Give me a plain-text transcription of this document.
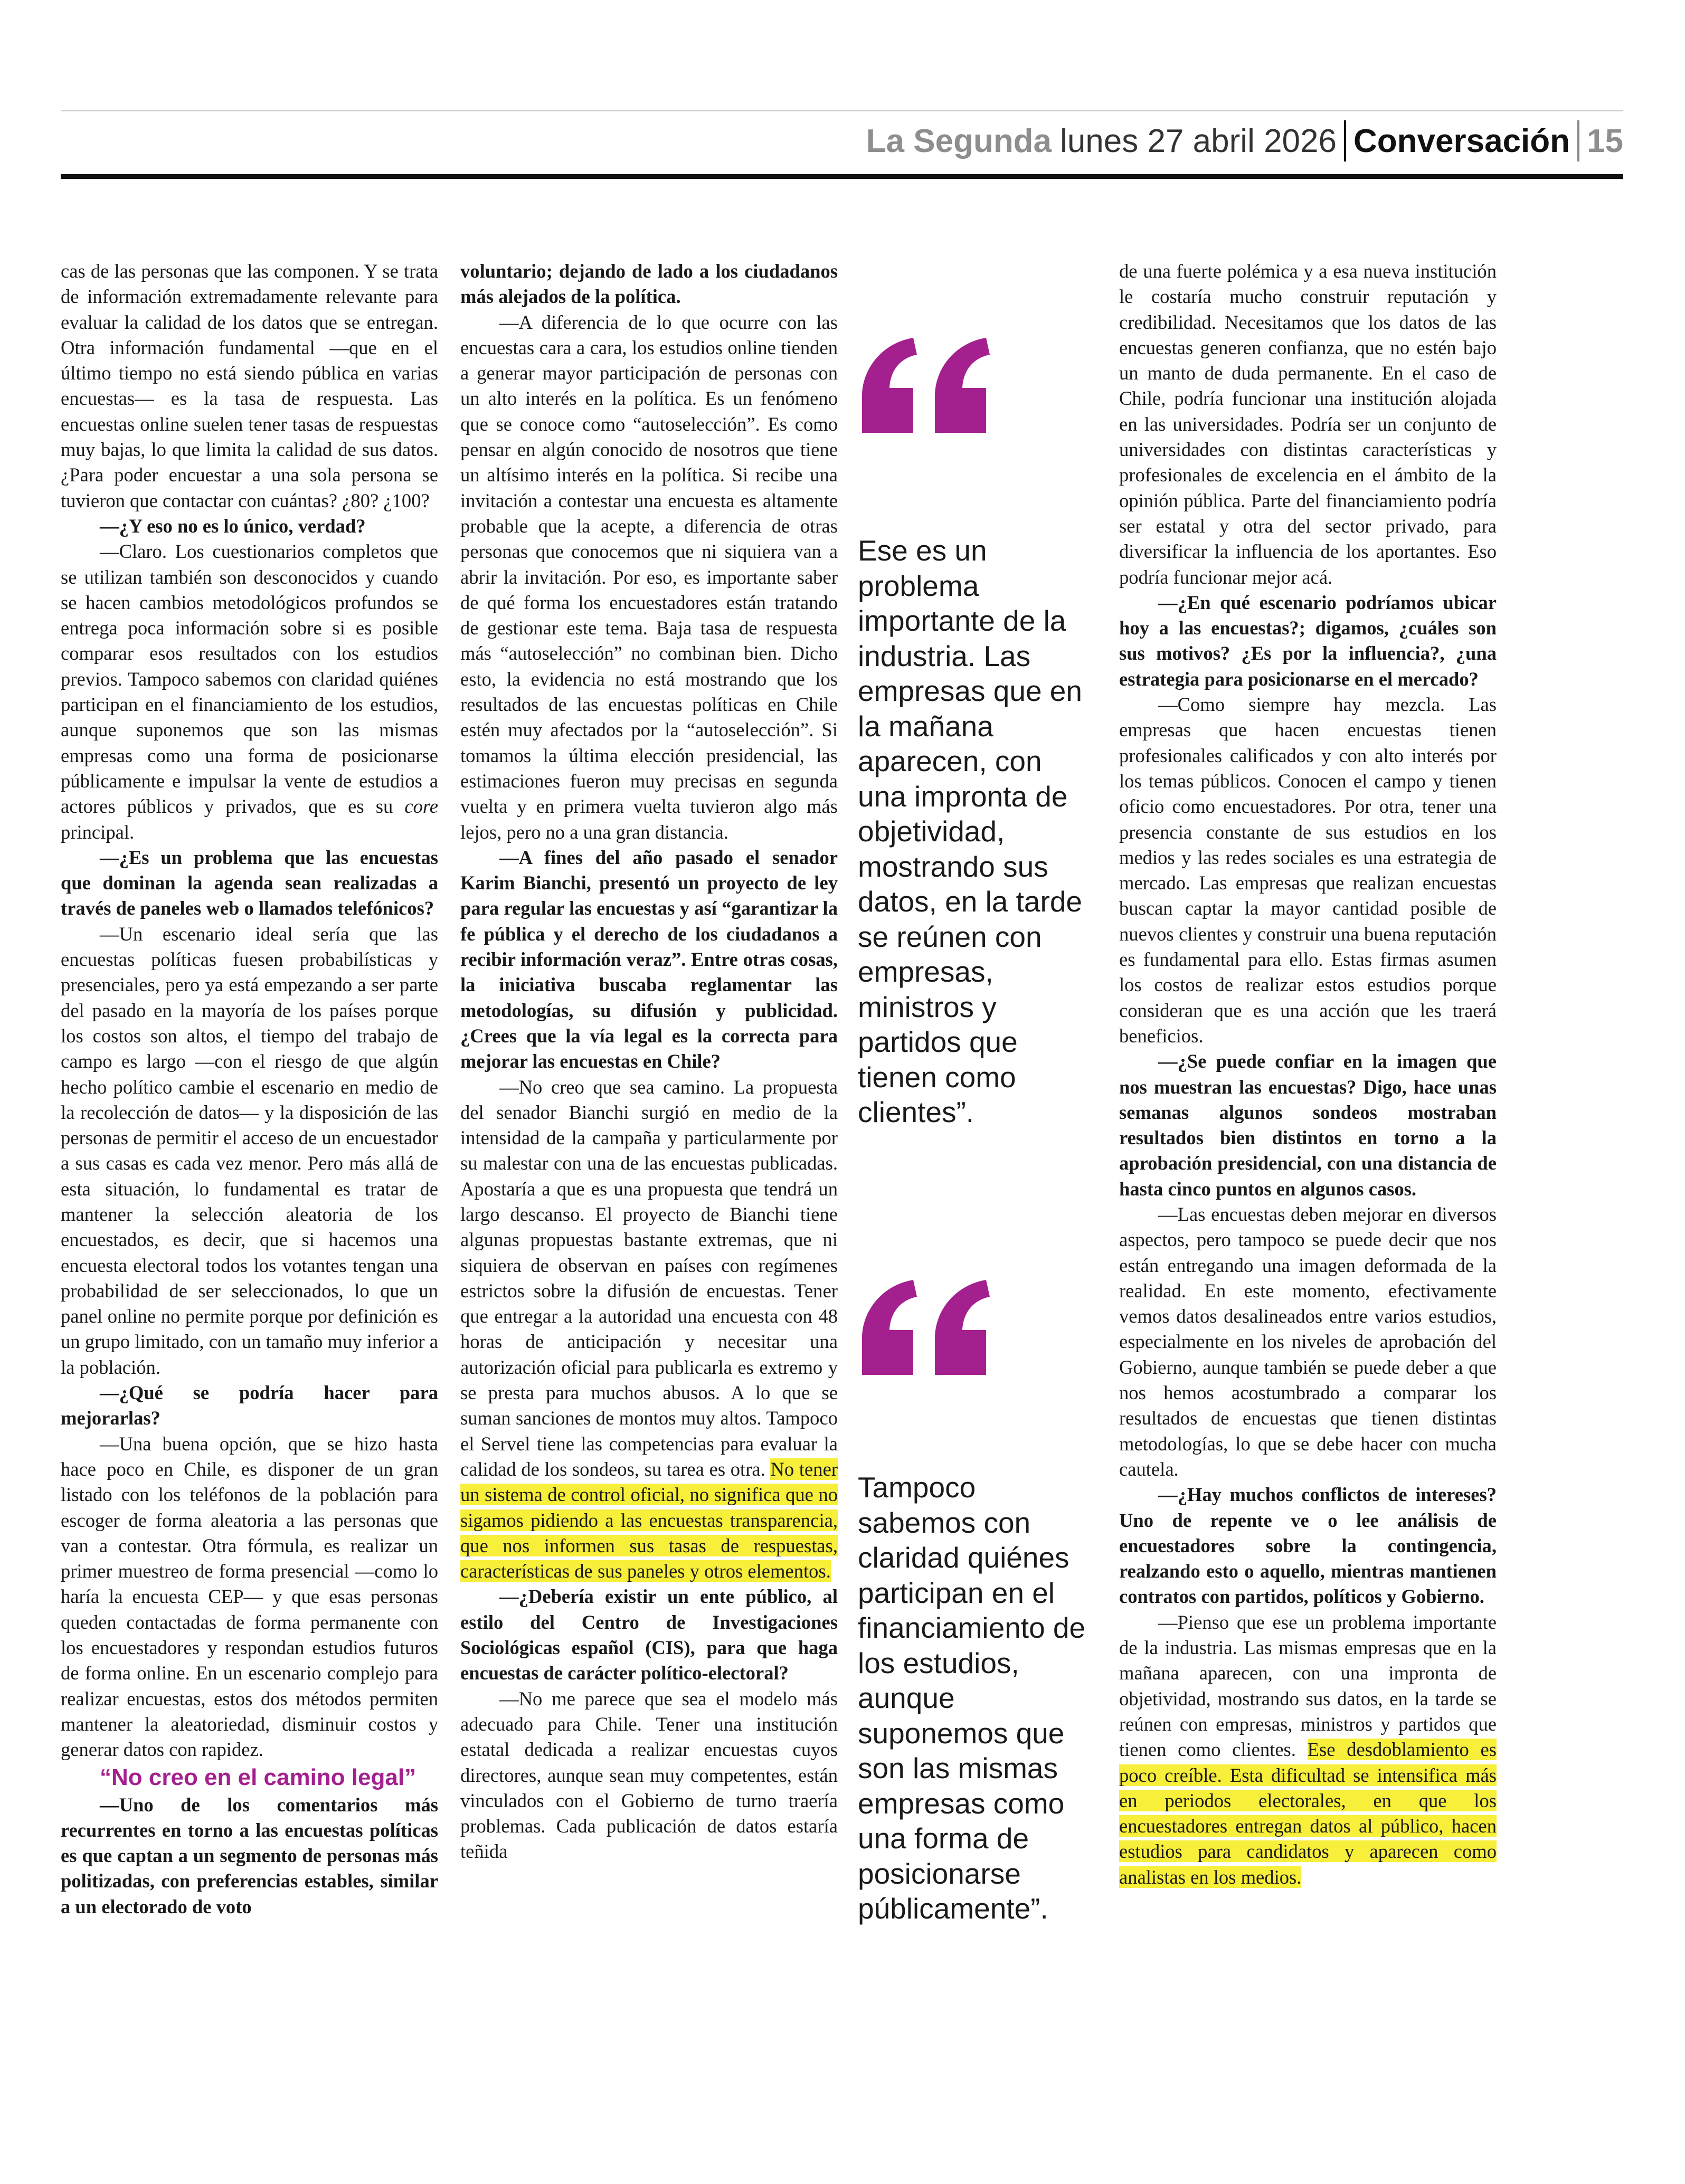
La Segunda lunes 27 abril 2026 Conversación 15

cas de las personas que las componen. Y se trata de información extremadamente relevante para evaluar la calidad de los datos que se entregan. Otra información fundamental —que en el último tiempo no está siendo pública en varias encuestas— es la tasa de respuesta. Las encuestas online suelen tener tasas de respuestas muy bajas, lo que limita la calidad de sus datos. ¿Para poder encuestar a una sola persona se tuvieron que contactar con cuántas? ¿80? ¿100?

—¿Y eso no es lo único, verdad?

—Claro. Los cuestionarios completos que se utilizan también son desconocidos y cuando se hacen cambios metodológicos profundos se entrega poca información sobre si es posible comparar esos resultados con los estudios previos. Tampoco sabemos con claridad quiénes participan en el financiamiento de los estudios, aunque suponemos que son las mismas empresas como una forma de posicionarse públicamente e impulsar la vente de estudios a actores públicos y privados, que es su core principal.

—¿Es un problema que las encuestas que dominan la agenda sean realizadas a través de paneles web o llamados telefónicos?

—Un escenario ideal sería que las encuestas políticas fuesen probabilísticas y presenciales, pero ya está empezando a ser parte del pasado en la mayoría de los países porque los costos son altos, el tiempo del trabajo de campo es largo —con el riesgo de que algún hecho político cambie el escenario en medio de la recolección de datos— y la disposición de las personas de permitir el acceso de un encuestador a sus casas es cada vez menor. Pero más allá de esta situación, lo fundamental es tratar de mantener la selección aleatoria de los encuestados, es decir, que si hacemos una encuesta electoral todos los votantes tengan una probabilidad de ser seleccionados, lo que un panel online no permite porque por definición es un grupo limitado, con un tamaño muy inferior a la población.

—¿Qué se podría hacer para mejorarlas?

—Una buena opción, que se hizo hasta hace poco en Chile, es disponer de un gran listado con los teléfonos de la población para escoger de forma aleatoria a las personas que van a contestar. Otra fórmula, es realizar un primer muestreo de forma presencial —como lo haría la encuesta CEP— y que esas personas queden contactadas de forma permanente con los encuestadores y respondan estudios futuros de forma online. En un escenario complejo para realizar encuestas, estos dos métodos permiten mantener la aleatoriedad, disminuir costos y generar datos con rapidez.

“No creo en el camino legal”

—Uno de los comentarios más recurrentes en torno a las encuestas políticas es que captan a un segmento de personas más politizadas, con preferencias estables, similar a un electorado de voto

voluntario; dejando de lado a los ciudadanos más alejados de la política.

—A diferencia de lo que ocurre con las encuestas cara a cara, los estudios online tienden a generar mayor participación de personas con un alto interés en la política. Es un fenómeno que se conoce como “autoselección”. Es como pensar en algún conocido de nosotros que tiene un altísimo interés en la política. Si recibe una invitación a contestar una encuesta es altamente probable que la acepte, a diferencia de otras personas que conocemos que ni siquiera van a abrir la invitación. Por eso, es importante saber de qué forma los encuestadores están tratando de gestionar este tema. Baja tasa de respuesta más “autoselección” no combinan bien. Dicho esto, la evidencia no está mostrando que los resultados de las encuestas políticas en Chile estén muy afectados por la “autoselección”. Si tomamos la última elección presidencial, las estimaciones fueron muy precisas en segunda vuelta y en primera vuelta tuvieron algo más lejos, pero no a una gran distancia.

—A fines del año pasado el senador Karim Bianchi, presentó un proyecto de ley para regular las encuestas y así “garantizar la fe pública y el derecho de los ciudadanos a recibir información veraz”. Entre otras cosas, la iniciativa buscaba reglamentar las metodologías, su difusión y publicidad. ¿Crees que la vía legal es la correcta para mejorar las encuestas en Chile?

—No creo que sea camino. La propuesta del senador Bianchi surgió en medio de la intensidad de la campaña y particularmente por su malestar con una de las encuestas publicadas. Apostaría a que es una propuesta que tendrá un largo descanso. El proyecto de Bianchi tiene algunas propuestas bastante extremas, que ni siquiera de observan en países con regímenes estrictos sobre la difusión de encuestas. Tener que entregar a la autoridad una encuesta con 48 horas de anticipación y necesitar una autorización oficial para publicarla es extremo y se presta para muchos abusos. A lo que se suman sanciones de montos muy altos. Tampoco el Servel tiene las competencias para evaluar la calidad de los sondeos, su tarea es otra. No tener un sistema de control oficial, no significa que no sigamos pidiendo a las encuestas transparencia, que nos informen sus tasas de respuestas, características de sus paneles y otros elementos.

—¿Debería existir un ente público, al estilo del Centro de Investigaciones Sociológicas español (CIS), para que haga encuestas de carácter político-electoral?

—No me parece que sea el modelo más adecuado para Chile. Tener una institución estatal dedicada a realizar encuestas cuyos directores, aunque sean muy competentes, están vinculados con el Gobierno de turno traería problemas. Cada publicación de datos estaría teñida

Ese es un problema importante de la industria. Las empresas que en la mañana aparecen, con una impronta de objetividad, mostrando sus datos, en la tarde se reúnen con empresas, ministros y partidos que tienen como clientes”.
Tampoco sabemos con claridad quiénes participan en el financiamiento de los estudios, aunque suponemos que son las mismas empresas como una forma de posicionarse públicamente”.

de una fuerte polémica y a esa nueva institución le costaría mucho construir reputación y credibilidad. Necesitamos que los datos de las encuestas generen confianza, que no estén bajo un manto de duda permanente. En el caso de Chile, podría funcionar una institución alojada en las universidades. Podría ser un conjunto de universidades con distintas características y profesionales de excelencia en el ámbito de la opinión pública. Parte del financiamiento podría ser estatal y otra del sector privado, para diversificar la influencia de los aportantes. Eso podría funcionar mejor acá.

—¿En qué escenario podríamos ubicar hoy a las encuestas?; digamos, ¿cuáles son sus motivos? ¿Es por la influencia?, ¿una estrategia para posicionarse en el mercado?

—Como siempre hay mezcla. Las empresas que hacen encuestas tienen profesionales calificados y con alto interés por los temas públicos. Conocen el campo y tienen oficio como encuestadores. Por otra, tener una presencia constante de sus estudios en los medios y las redes sociales es una estrategia de mercado. Las empresas que realizan encuestas buscan captar la mayor cantidad posible de nuevos clientes y construir una buena reputación es fundamental para ello. Estas firmas asumen los costos de realizar estos estudios porque consideran que es una acción que les traerá beneficios.

—¿Se puede confiar en la imagen que nos muestran las encuestas? Digo, hace unas semanas algunos sondeos mostraban resultados bien distintos en torno a la aprobación presidencial, con una distancia de hasta cinco puntos en algunos casos.

—Las encuestas deben mejorar en diversos aspectos, pero tampoco se puede decir que nos están entregando una imagen deformada de la realidad. En este momento, efectivamente vemos datos desalineados entre varios estudios, especialmente en los niveles de aprobación del Gobierno, aunque también se puede deber a que nos hemos acostumbrado a comparar los resultados de encuestas que tienen distintas metodologías, lo que se debe hacer con mucha cautela.

—¿Hay muchos conflictos de intereses? Uno de repente ve o lee análisis de encuestadores sobre la contingencia, realzando esto o aquello, mientras mantienen contratos con partidos, políticos y Gobierno.

—Pienso que ese un problema importante de la industria. Las mismas empresas que en la mañana aparecen, con una impronta de objetividad, mostrando sus datos, en la tarde se reúnen con empresas, ministros y partidos que tienen como clientes. Ese desdoblamiento es poco creíble. Esta dificultad se intensifica más en periodos electorales, en que los encuestadores entregan datos al público, hacen estudios para candidatos y aparecen como analistas en los medios.
